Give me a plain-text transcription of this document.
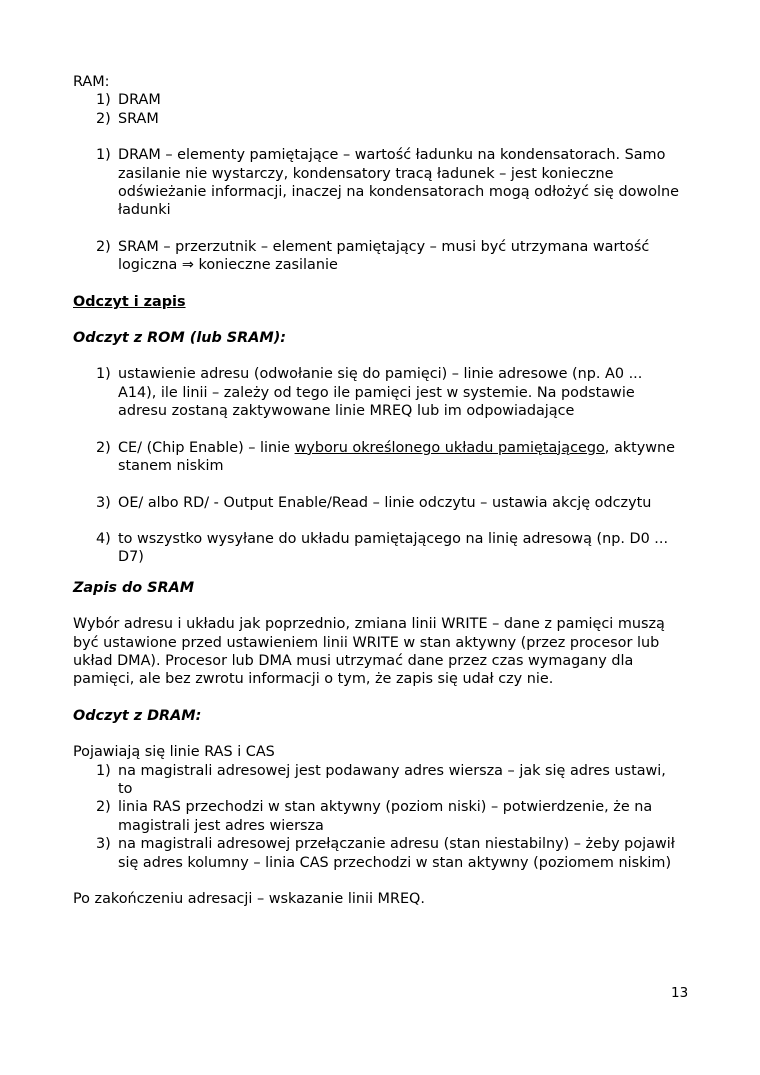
RAM:

1) DRAM
2) SRAM
1) DRAM – elementy pamiętające – wartość ładunku na kondensatorach. Samo zasilanie nie wystarczy, kondensatory tracą ładunek – jest konieczne odświeżanie informacji, inaczej na kondensatorach mogą odłożyć się dowolne ładunki
2) SRAM – przerzutnik – element pamiętający – musi być utrzymana wartość logiczna ⇒ konieczne zasilanie
Odczyt i zapis
Odczyt z ROM (lub SRAM):
1) ustawienie adresu (odwołanie się do pamięci) – linie adresowe (np. A0 ... A14), ile linii – zależy od tego ile pamięci jest w systemie. Na podstawie adresu zostaną zaktywowane linie MREQ lub im odpowiadające
2) CE/ (Chip Enable) – linie wyboru określonego układu pamiętającego, aktywne stanem niskim
3) OE/ albo RD/ - Output Enable/Read – linie odczytu – ustawia akcję odczytu
4) to wszystko wysyłane do układu pamiętającego na linię adresową (np. D0 ... D7)
Zapis do SRAM

Wybór adresu i układu jak poprzednio, zmiana linii WRITE – dane z pamięci muszą być ustawione przed ustawieniem linii WRITE w stan aktywny (przez procesor lub układ DMA). Procesor lub DMA musi utrzymać dane przez czas wymagany dla pamięci, ale bez zwrotu informacji o tym, że zapis się udał czy nie.

Odczyt z DRAM:

Pojawiają się linie RAS i CAS

1) na magistrali adresowej jest podawany adres wiersza – jak się adres ustawi, to
2) linia RAS przechodzi w stan aktywny (poziom niski) – potwierdzenie, że na magistrali jest adres wiersza
3) na magistrali adresowej przełączanie adresu (stan niestabilny) – żeby pojawił się adres kolumny – linia CAS przechodzi w stan aktywny (poziomem niskim)

Po zakończeniu adresacji – wskazanie linii MREQ.

13
